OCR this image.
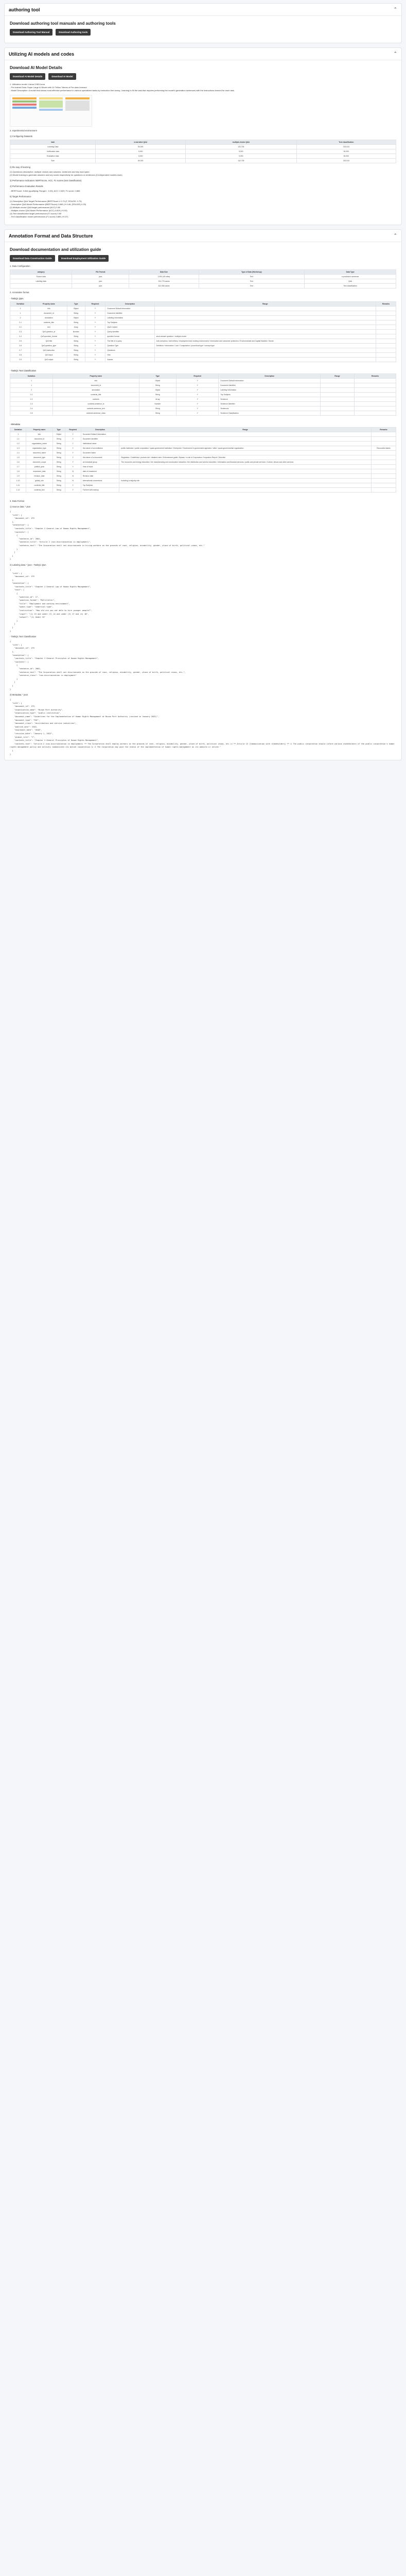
authoring tool	⌃
Download authoring tool manuals and authoring tools
Download Authoring Tool Manual	Download Authoring tools
Utilizing AI models and codes	⌃
Download AI Model Details
Download AI Model Details	Download AI Model
1. Utilization model: Llama 3 8B Korea
- Pre-trained Data: Super Large AI Model with 10 Trillion Tokens of Pre-data Learned
- Model Description: A model that shows most effective performance in various specialized tasks by instruction fine-tuning. Learning to fill the task that requires performing the model's generation sentences with the instructions learned for each task.
2. experimental environment
1) Configuring Datasets
task	a narrative Q&A	multiple-choice Q&A	Text classification
Learning Data	50,000	132,735	232,513
Verification data	5,000	5,000	50,000
Evaluation data	5,000	5,000	50,000
Sum	60,000	142,735	332,513
2) the way of learning
(1) Questions (descriptive, multiple choice) and answers, sentences and key word pairs
(2) Model training to generate answers and key words respectively for questions or sentences (3 independent models each)
3) Performance indicators: BERTScore, ACC, F1 scores (text classification)
4) Performance Evaluation Results
- BERTScore: 0.846 (qualifying: Rouge1 : 0.33), ACC: 0.829, F1 score: 0.865
5) Target Performance
(1) Descriptive Q&A Target Performance (BERTScore ≥ 0.70 (F, ROUGE: 0.79)
- Descriptive Q&A Model Performance (BERTScore) 0.846 (+0.146, (ROUGE) 0.33)
(2) Multiple-choice Q&A target performance (ACC) 0.80
- Multiple-choice Q&A Model Performance (ACC) 0.829 (+0.03)
(3) Text classification target performance (F1 score) 0.80
- Text classification model performance (F1 score) 0.865 (+0.07)
Annotation Format and Data Structure	⌃
Download documentation and utilization guide
Download Data Construction Guide	Download Employment Utilization Guide
1. Data Configuration
category	File Format	Data Size	Type of Data (Workshop)	Data Type
Source data	json	2,094 (45 rules)	Text	a provision's sentence
Labeling data	json	104,776 cases	Text	Q&A
	json	322,066 cases	Text	Text classification
2. Annotation format
- TaskQ1 Q&A
Sortation	Property name	Type	Required	Description	Range	Remarks
1	info	Object	Y	Document Default Information		
1	document_id	String	Y	Document Identifier		
2	annotation	Object	Y	Labeling Information		
2-1	contents_title	String	Y	Top Subjects		
2-2	text	Array	Y	Q&A Content		
2-3	Qe3.question_id	Number	Y	Query identifier		
2-4	Qe3.question_format	String	Y	question format	short-answer question / multiple choice	
2-5	Qe3.title	String	Y	The title of a query	Anti-corruption / anti-bribery / employment and working environment / Information and consumer protection / Environmental and Capital Markets / Sector	
2-6	Qe3.question_type	String	Y	Question Type	Definition / Information / Law / Computation / procedural type / concept type	
2-7	Qe3.instruction	String	Y	Questions		
2-8	Qe3.input	String	Y	Hint		
2-9	Qe3.output	String	Y	Answer		
- TaskQ1 Text Classification
Sortation	Property name	Type	Required	Description	Range	Remarks
1	info	Object	Y	Document Default Information		
1	document_id	String	Y	Document Identifier		
2	annotation	Object	Y	Labeling Information		
2-1	contents_title	String	Y	Top Subjects		
2-2	contents	Array	Y	Sentence		
2-3	contents.sentence_id	Number	Y	Sentence Identifier		
2-4	contents.sentence_text	String	Y	Sentences		
2-5	contents.sentence_class	String	Y	Sentence Classification		
- Metadata
Sortation	Property name	Type	Required	Description	Range	Remarks
1	info	Object	Y	Document Default Information		
1-1	document_id	String	Y	Document Identifier		
1-2	organization_name	String	Y	Institutional name		
1-3	organization_type	String	Y	the nature of an institution	public institution / public corporation / quasi-government institution / Enterprise / Government in government agencies / other / quasi-governmental organization	Reconciled labels
1-4	document_name	String	Y	Document Name		
1-5	document_type	String	Y	the nature of a document	Regulation / Guidelines / product rule / detailed rules / Enforcement guide / Bylaws / a rule of Corporation / Inspection Report / Directive	
1-6	document_scope	String	Y	an industrial group	The resources and energy industries / the manufacturing and construction industries / the distribution and service industries / Information and financial services / public and private services / Culture, leisure and other services	
1-7	publish_year	String	Y	Year of Issue		
1-8	enactment_date	String	N	date of enactment		
1-9	revision_date	String	N	Revision date		
1-10	global_rule	String	N	international conventions	Including a majority rule	
1-11	contents_title	String	Y	Top Subjects		
1-12	contents_text	String	Y	Full text with markup		
3. Data Format
1) Source data: *.json
{
"info": {
"document_id": 179
},
"annotation": {
"contents_title": "Chapter 2 General Law of Human Rights Management",
"contents": [
{
"sentence_id": 2001,
"sentence_title": "Article 2 (non-discrimination in employment)",
"sentence_text": "The Corporation shall not discriminate in hiring workers on the grounds of race, religion, disability, gender, place of birth, political views, etc."
}
]
}
}
2) Labeling data: *.json - TaskQ1 Q&A
{
"info": {
"document_id": 179
},
"annotation": {
"contents_title": "Chapter 2 General Law of Human Rights Management",
"text": [
{
"question_id": 17,
"question_format": "Multiletter",
"title": "Employment and working environment",
"quest_type": "numerical type",
"instruction": "How old are you not able to hire younger people?",
"input": "(1) 15 and under (2) 14 and under (3) 17 and (4) 18",
"output": "(1) Under 15"
}
]
}
}
- TaskQ1 Text Classification
{
"info": {
"document_id": 179
},
"annotation": {
"contents_title": "Chapter 2 General Principles of Human Rights Management",
"contents": [
{
"sentence_id": 2001,
"sentence_text": "The Corporation shall not discriminate on the grounds of race, religion, disability, gender, place of birth, political views, etc.",
"sentence_class": "non-discrimination in employment"
}
]
}
}
3) Metadata: *.json
{
"info": {
"document_id": 179,
"organization_name": "Busan Port Authority",
"organization_type": "public institution",
"document_name": "Guidelines for the Implementation of Human Rights Management at Busan Port Authority (revised in January 2022)",
"document_type": "Pdf",
"document_class": "distribution and service industries",
"publish_year": 2022,
"enactment_date": "2018",
"revision_date": "January 1, 2022",
"global_rule": "Y",
"contents_title": "Chapter 2 General Principles of Human Rights Management",
"contents_text": "Article 2 (non-discrimination in employment) ** The Corporation shall employ workers on the grounds of race, religion, disability, gender, place of birth, political views, etc.\n ** Article 13 (Communication with stakeholders) ** ① The public corporation should inform various stakeholders of the public corporation's human rights management policy and actively communicate its mutual cooperation.\n ② The Corporation may post the status of the implementation of human rights management on its website or online."
}
}
